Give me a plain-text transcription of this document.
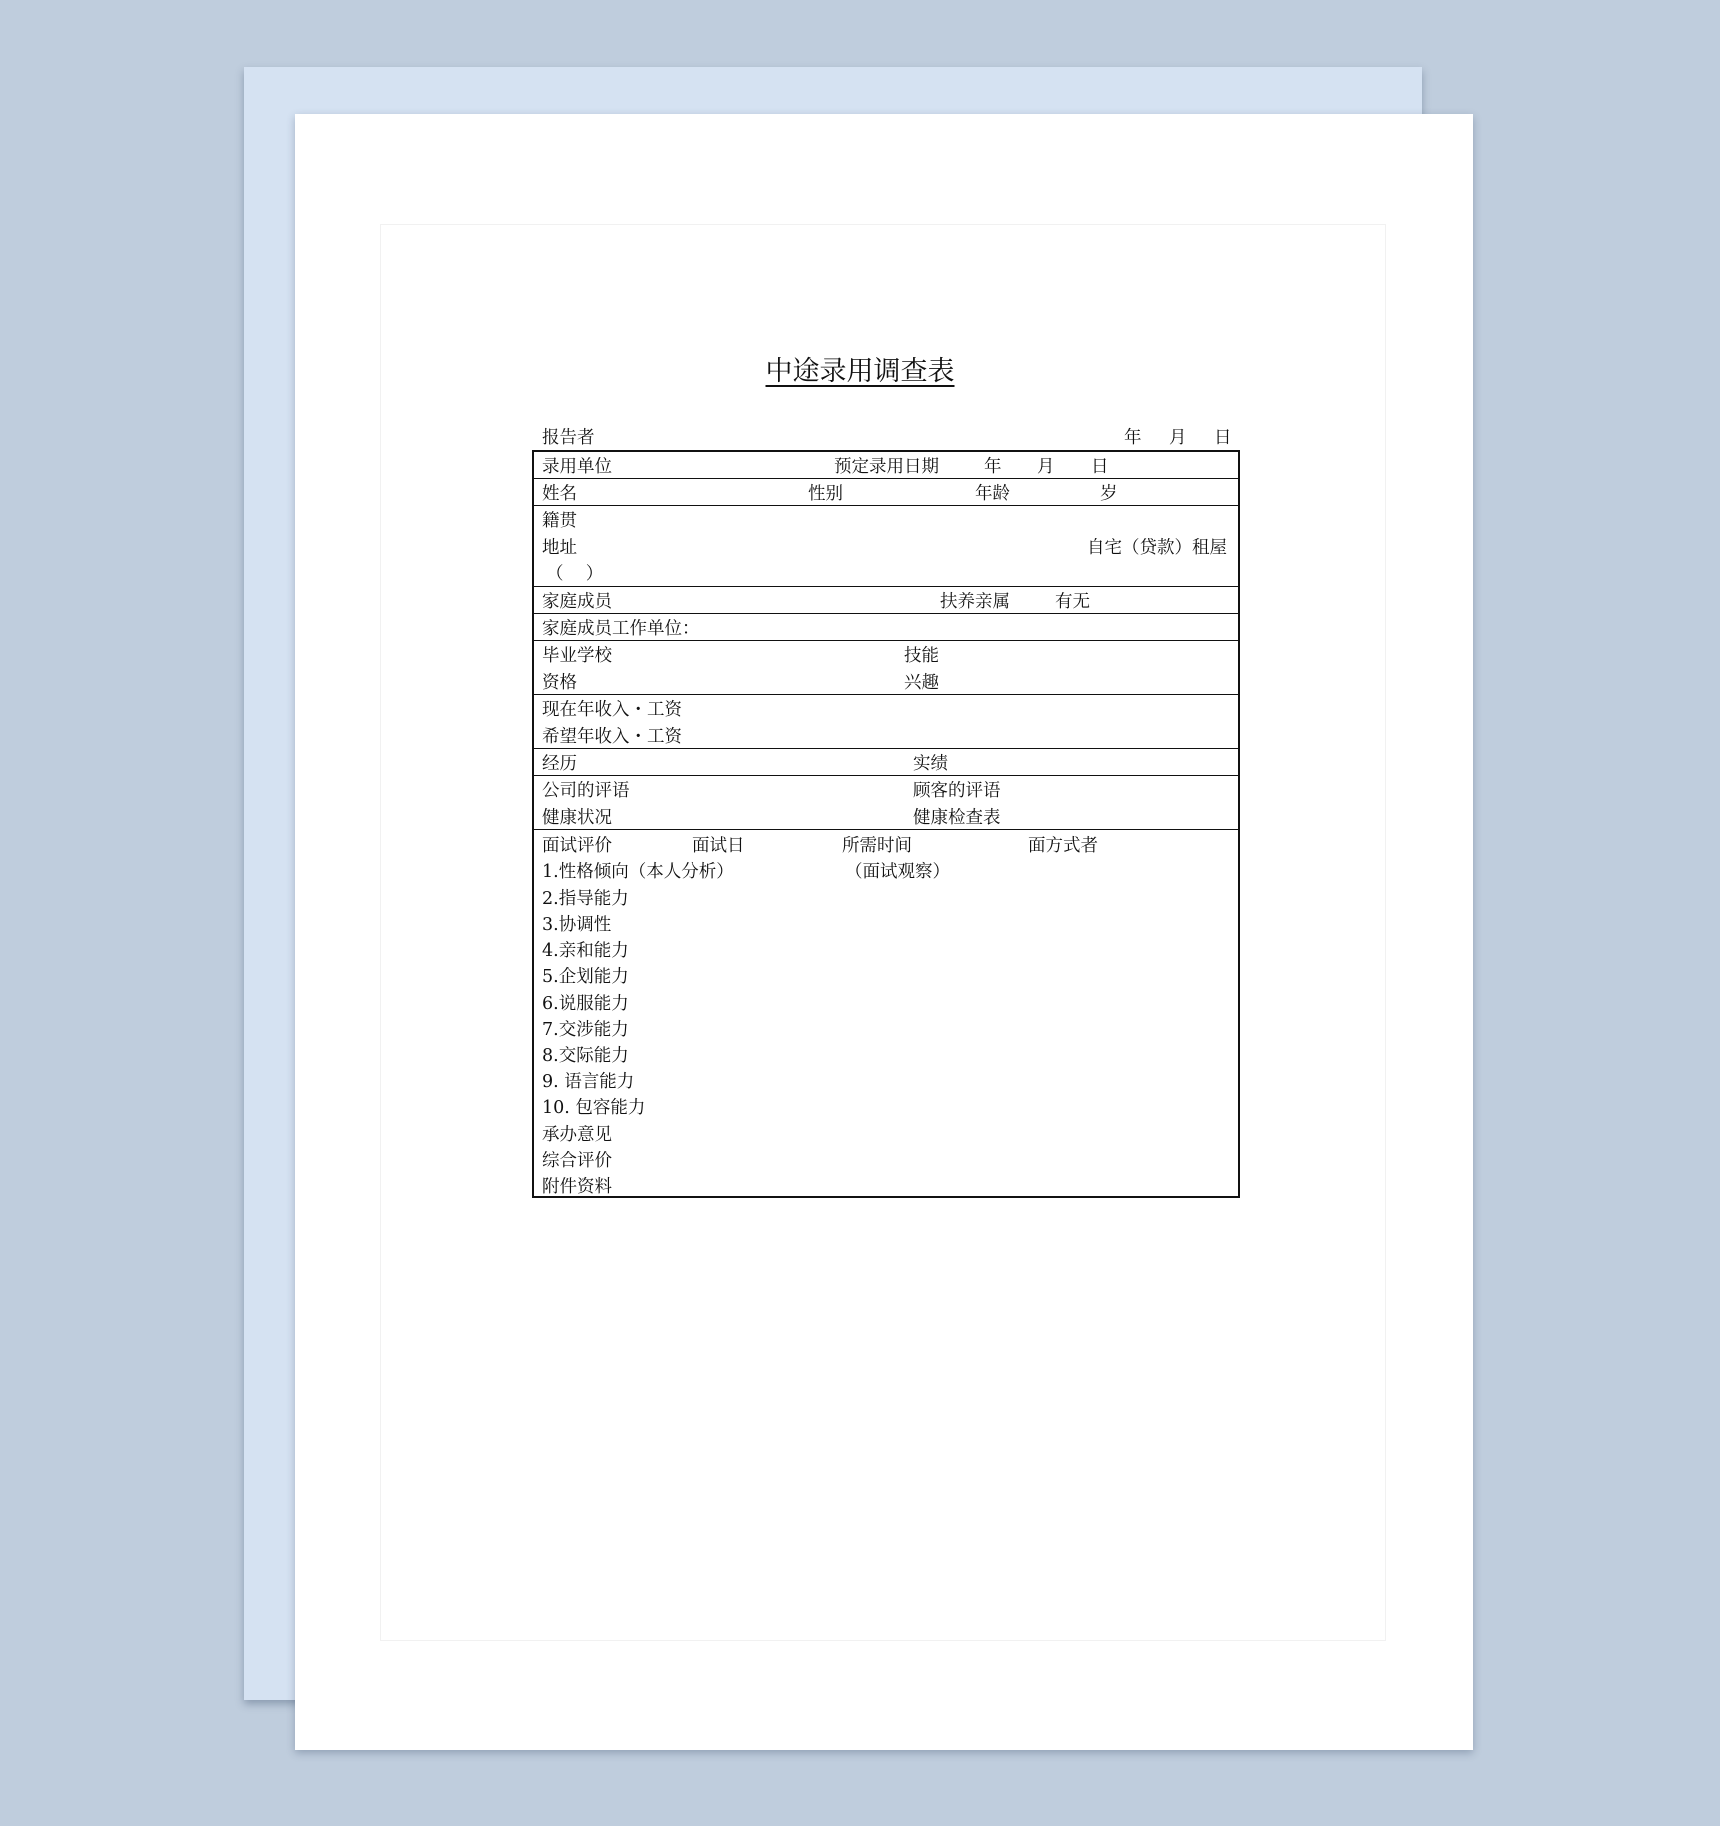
中途录用调查表
报告者	年 月 日
录用单位	预定录用日期	年 月 日
姓名	性别	年龄	岁
籍贯
地址	自宅（贷款）租屋
（    ）
家庭成员	扶养亲属	有无
家庭成员工作单位：
毕业学校	技能
资格	兴趣
现在年收入・工资
希望年收入・工资
经历	实绩
公司的评语	顾客的评语
健康状况	健康检查表
面试评价	面试日	所需时间	面方式者
1.性格倾向（本人分析）	（面试观察）
2.指导能力
3.协调性
4.亲和能力
5.企划能力
6.说服能力
7.交涉能力
8.交际能力
9. 语言能力
10. 包容能力
承办意见
综合评价
附件资料
